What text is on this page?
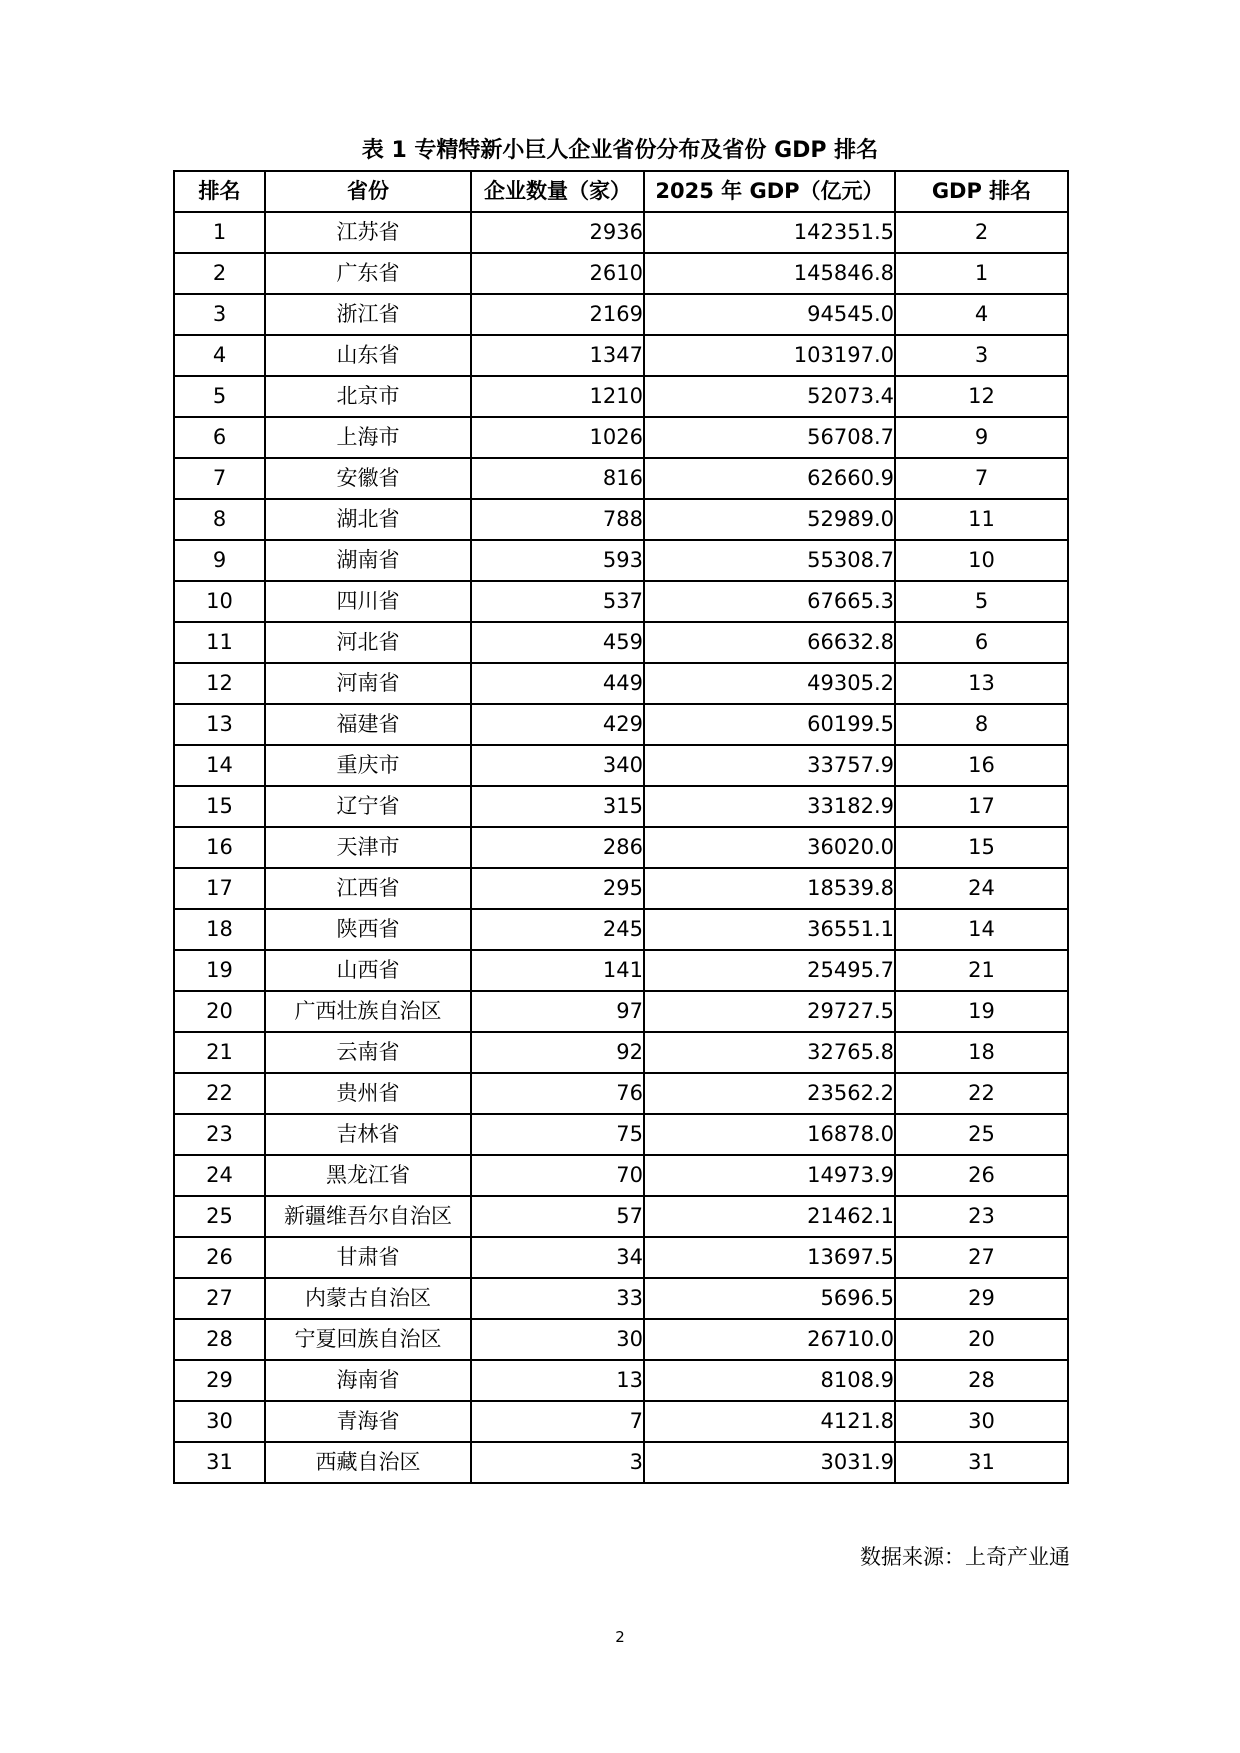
表 1 专精特新小巨人企业省份分布及省份 GDP 排名
排名	省份	企业数量（家）	2025 年 GDP（亿元）	GDP 排名
1	江苏省	2936	142351.5	2
2	广东省	2610	145846.8	1
3	浙江省	2169	94545.0	4
4	山东省	1347	103197.0	3
5	北京市	1210	52073.4	12
6	上海市	1026	56708.7	9
7	安徽省	816	62660.9	7
8	湖北省	788	52989.0	11
9	湖南省	593	55308.7	10
10	四川省	537	67665.3	5
11	河北省	459	66632.8	6
12	河南省	449	49305.2	13
13	福建省	429	60199.5	8
14	重庆市	340	33757.9	16
15	辽宁省	315	33182.9	17
16	天津市	286	36020.0	15
17	江西省	295	18539.8	24
18	陕西省	245	36551.1	14
19	山西省	141	25495.7	21
20	广西壮族自治区	97	29727.5	19
21	云南省	92	32765.8	18
22	贵州省	76	23562.2	22
23	吉林省	75	16878.0	25
24	黑龙江省	70	14973.9	26
25	新疆维吾尔自治区	57	21462.1	23
26	甘肃省	34	13697.5	27
27	内蒙古自治区	33	5696.5	29
28	宁夏回族自治区	30	26710.0	20
29	海南省	13	8108.9	28
30	青海省	7	4121.8	30
31	西藏自治区	3	3031.9	31
数据来源：上奇产业通
2
